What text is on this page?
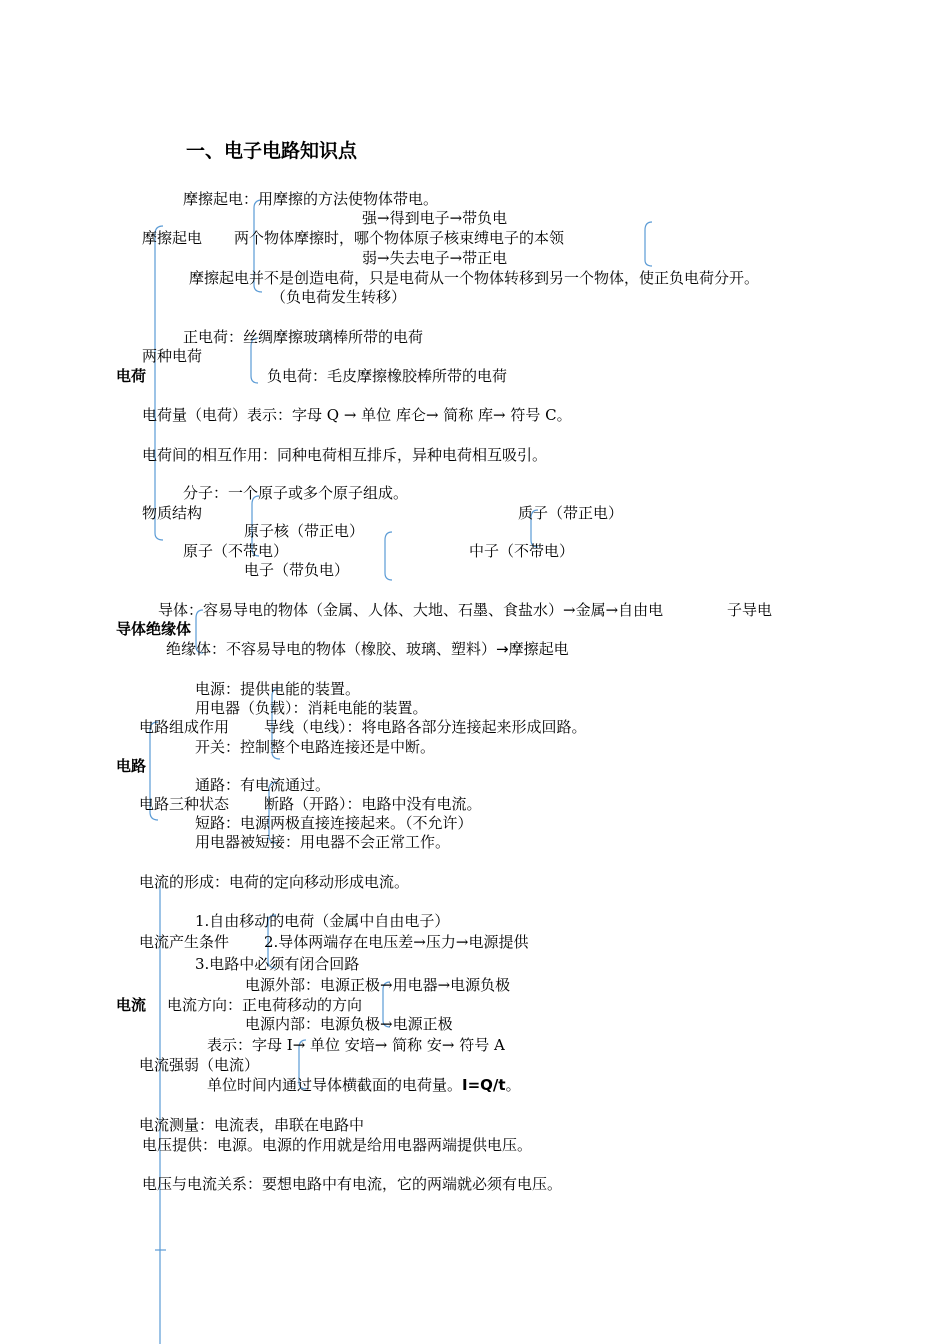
一、电子电路知识点
电荷
摩擦起电：用摩擦的方法使物体带电。
强→得到电子→带负电
摩擦起电 两个物体摩擦时，哪个物体原子核束缚电子的本领
弱→失去电子→带正电
摩擦起电并不是创造电荷，只是电荷从一个物体转移到另一个物体，使正负电荷分开。
（负电荷发生转移）
正电荷：丝绸摩擦玻璃棒所带的电荷
两种电荷
负电荷：毛皮摩擦橡胶棒所带的电荷
电荷量（电荷）表示：字母 Q → 单位 库仑→ 简称 库→ 符号 C。
电荷间的相互作用：同种电荷相互排斥，异种电荷相互吸引。
分子：一个原子或多个原子组成。
物质结构	质子（带正电）
原子核（带正电）
原子（不带电）	中子（不带电）
电子（带负电）
导体：容易导电的物体（金属、人体、大地、石墨、食盐水）→金属→自由电	子导电
导体绝缘体
绝缘体：不容易导电的物体（橡胶、玻璃、塑料）→摩擦起电
电源：提供电能的装置。
用电器（负载）：消耗电能的装置。
电路组成作用 导线（电线）：将电路各部分连接起来形成回路。
开关：控制整个电路连接还是中断。
电路
通路：有电流通过。
电路三种状态 断路（开路）：电路中没有电流。
短路：电源两极直接连接起来。（不允许）
用电器被短接：用电器不会正常工作。
电流的形成：电荷的定向移动形成电流。
1.自由移动的电荷（金属中自由电子）
电流产生条件 2.导体两端存在电压差→压力→电源提供
3.电路中必须有闭合回路
电源外部：电源正极→用电器→电源负极
电流 电流方向：正电荷移动的方向
电源内部：电源负极→电源正极
表示：字母 I→ 单位 安培→ 简称 安→ 符号 A
电流强弱（电流）
单位时间内通过导体横截面的电荷量。I=Q/t。
电流测量：电流表，串联在电路中
电压提供：电源。电源的作用就是给用电器两端提供电压。
电压与电流关系：要想电路中有电流，它的两端就必须有电压。
